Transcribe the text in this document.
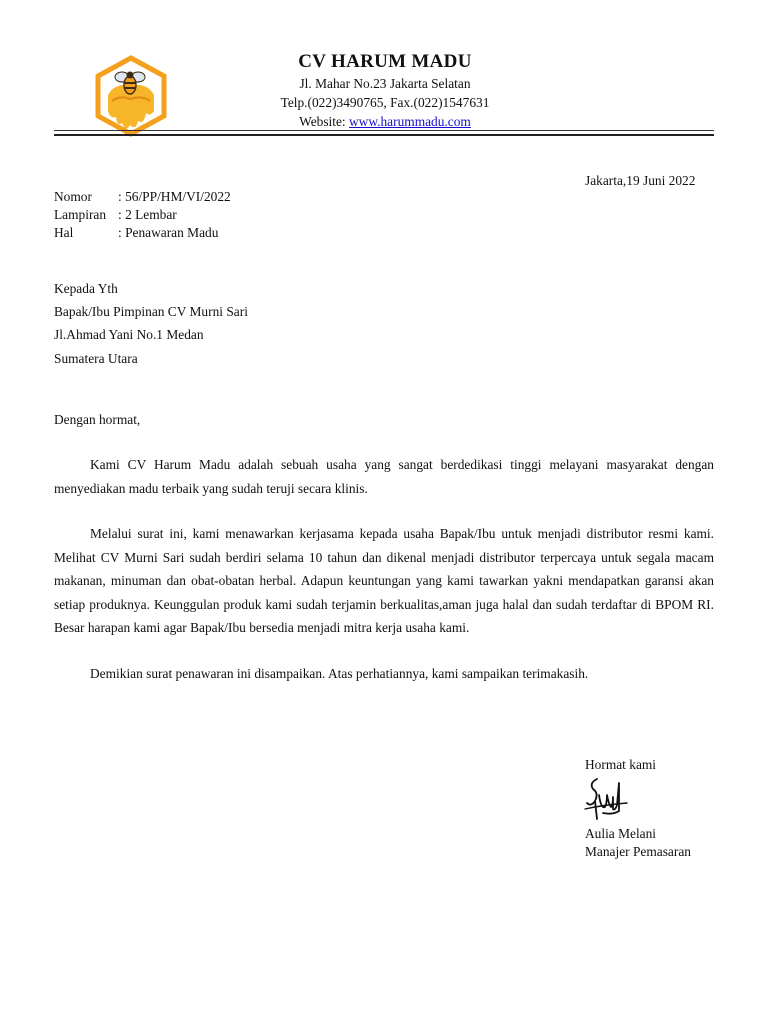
CV HARUM MADU
Jl. Mahar No.23 Jakarta Selatan
Telp.(022)3490765, Fax.(022)1547631
Website: www.harummadu.com
Jakarta,19 Juni 2022
Nomor	: 56/PP/HM/VI/2022
Lampiran	: 2 Lembar
Hal	: Penawaran Madu
Kepada Yth
Bapak/Ibu Pimpinan CV Murni Sari
Jl.Ahmad Yani No.1 Medan
Sumatera Utara
Dengan hormat,

Kami CV Harum Madu adalah sebuah usaha yang sangat berdedikasi tinggi melayani masyarakat dengan menyediakan madu terbaik yang sudah teruji secara klinis.

Melalui surat ini, kami menawarkan kerjasama kepada usaha Bapak/Ibu untuk menjadi distributor resmi kami. Melihat CV Murni Sari sudah berdiri selama 10 tahun dan dikenal menjadi distributor terpercaya untuk segala macam makanan, minuman dan obat-obatan herbal. Adapun keuntungan yang kami tawarkan yakni mendapatkan garansi akan setiap produknya. Keunggulan produk kami sudah terjamin berkualitas,aman juga halal dan sudah terdaftar di BPOM RI. Besar harapan kami agar Bapak/Ibu bersedia menjadi mitra kerja usaha kami.

Demikian surat penawaran ini disampaikan. Atas perhatiannya, kami sampaikan terimakasih.

Hormat kami
Aulia Melani
Manajer Pemasaran
